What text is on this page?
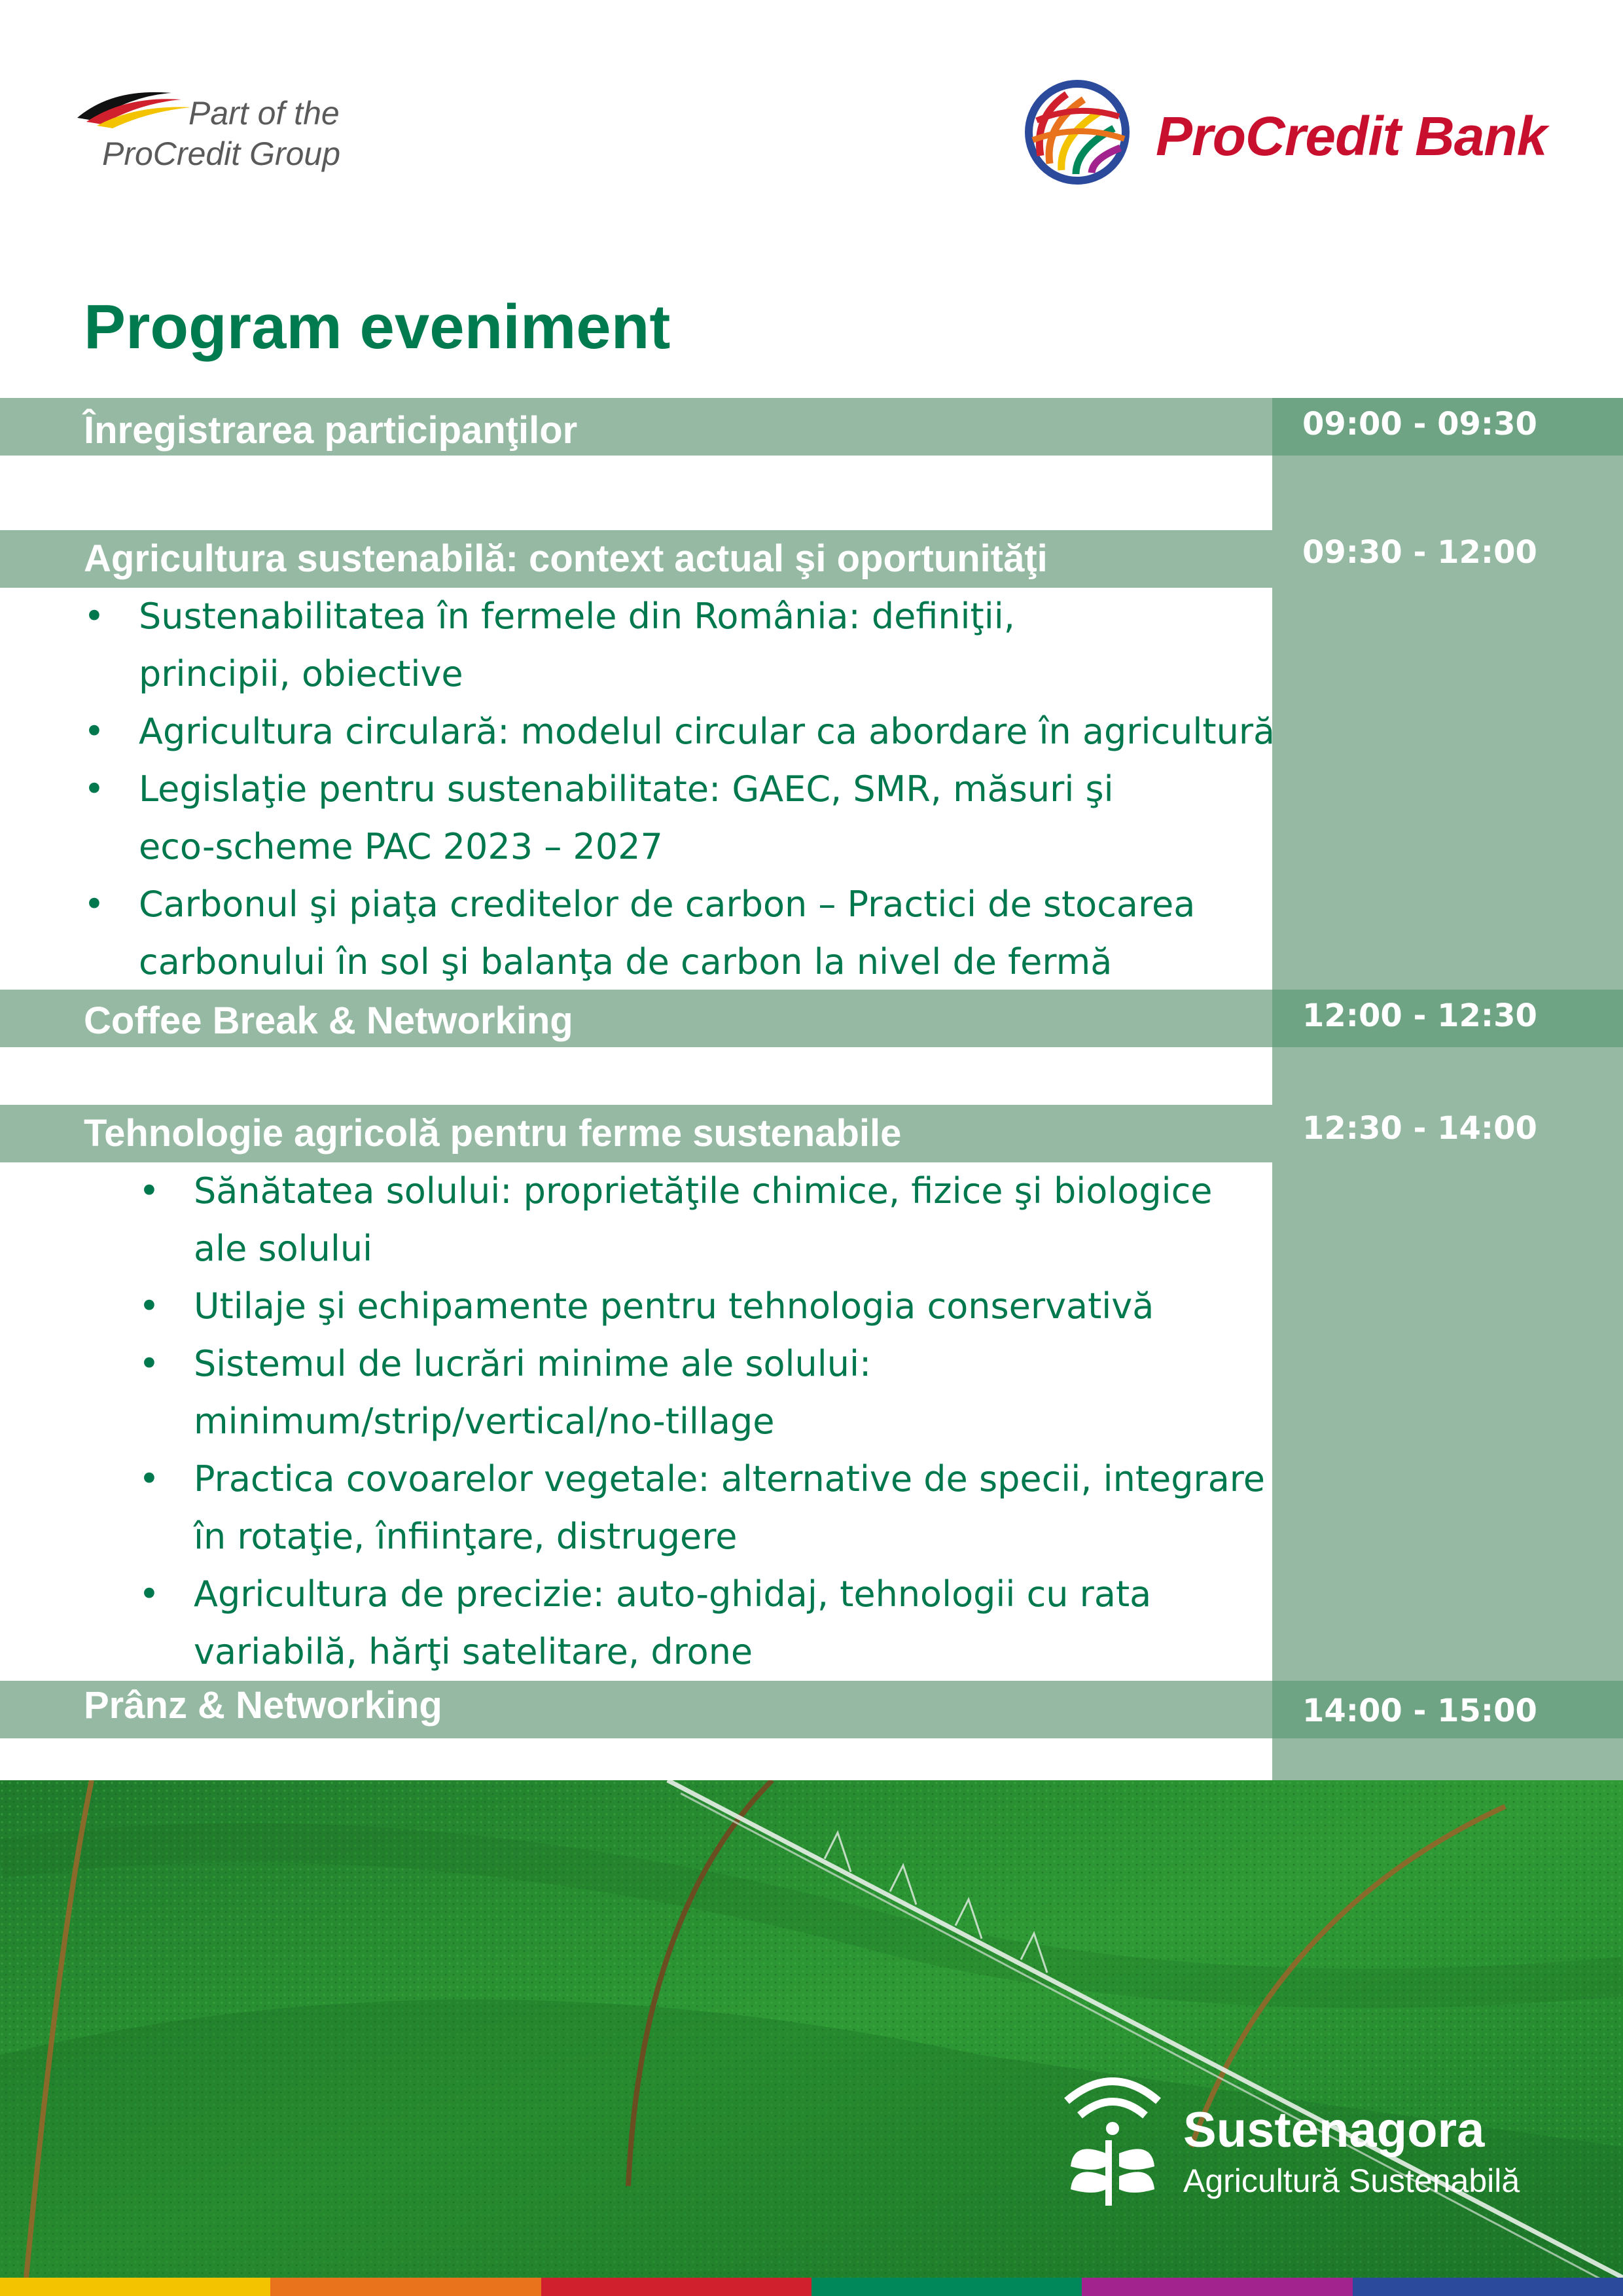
Part of the
ProCredit Group	ProCredit Bank
Program eveniment
Înregistrarea participanţilor	09:00 - 09:30
Agricultura sustenabilă: context actual şi oportunităţi	09:30 - 12:00
• Sustenabilitatea în fermele din România: definiţii,
principii, obiective
• Agricultura circulară: modelul circular ca abordare în agricultură
• Legislaţie pentru sustenabilitate: GAEC, SMR, măsuri şi
eco-scheme PAC 2023 – 2027
• Carbonul şi piaţa creditelor de carbon – Practici de stocarea
carbonului în sol şi balanţa de carbon la nivel de fermă
Coffee Break & Networking	12:00 - 12:30
Tehnologie agricolă pentru ferme sustenabile	12:30 - 14:00
• Sănătatea solului: proprietăţile chimice, fizice şi biologice
ale solului
• Utilaje şi echipamente pentru tehnologia conservativă
• Sistemul de lucrări minime ale solului:
minimum/strip/vertical/no-tillage
• Practica covoarelor vegetale: alternative de specii, integrare
în rotaţie, înfiinţare, distrugere
• Agricultura de precizie: auto-ghidaj, tehnologii cu rata
variabilă, hărţi satelitare, drone
Prânz & Networking	14:00 - 15:00
Sustenagora
Agricultură Sustenabilă
